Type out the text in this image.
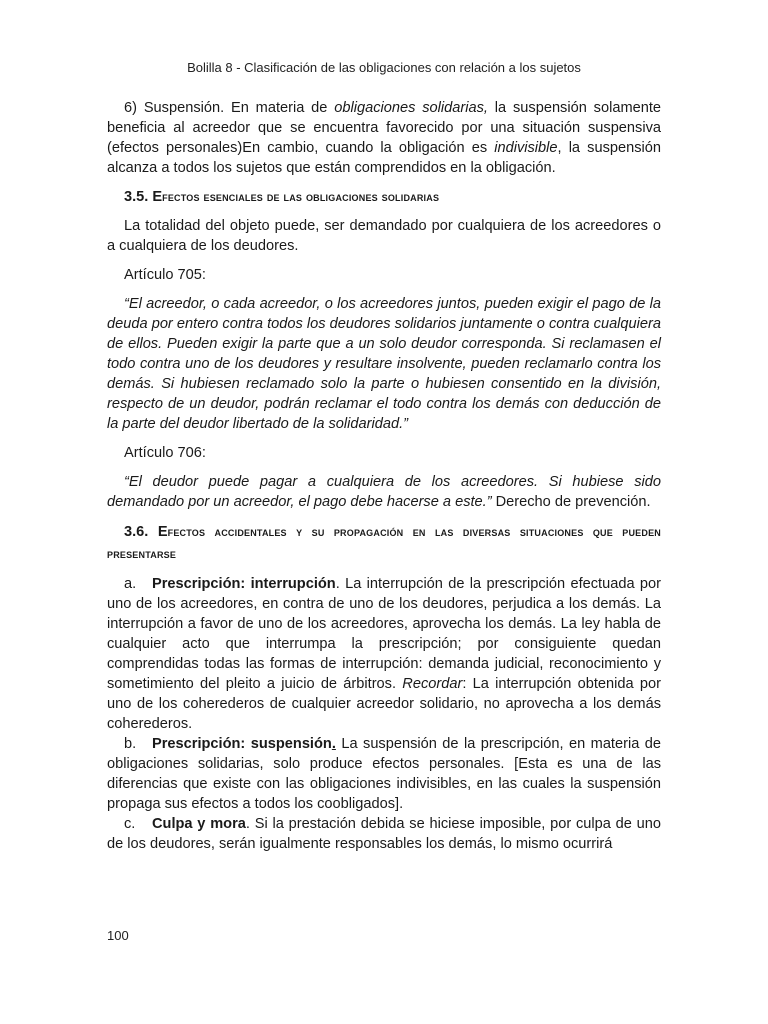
Bolilla 8 - Clasificación de las obligaciones con relación a los sujetos

6) Suspensión. En materia de obligaciones solidarias, la suspensión solamente beneficia al acreedor que se encuentra favorecido por una situación suspensiva (efectos personales)En cambio, cuando la obligación es indivisible, la suspensión alcanza a todos los sujetos que están comprendidos en la obligación.

3.5. Efectos esenciales de las obligaciones solidarias

La totalidad del objeto puede, ser demandado por cualquiera de los acreedores o a cualquiera de los deudores.

Artículo 705:

“El acreedor, o cada acreedor, o los acreedores juntos, pueden exigir el pago de la deuda por entero contra todos los deudores solidarios juntamente o contra cualquiera de ellos. Pueden exigir la parte que a un solo deudor corresponda. Si reclamasen el todo contra uno de los deudores y resultare insolvente, pueden reclamarlo contra los demás. Si hubiesen reclamado solo la parte o hubiesen consentido en la división, respecto de un deudor, podrán reclamar el todo contra los demás con deducción de la parte del deudor libertado de la solidaridad.”

Artículo 706:

“El deudor puede pagar a cualquiera de los acreedores. Si hubiese sido demandado por un acreedor, el pago debe hacerse a este.” Derecho de prevención.

3.6. Efectos accidentales y su propagación en las diversas situaciones que pueden presentarse

a. Prescripción: interrupción. La interrupción de la prescripción efectuada por uno de los acreedores, en contra de uno de los deudores, perjudica a los demás. La interrupción a favor de uno de los acreedores, aprovecha los demás. La ley habla de cualquier acto que interrumpa la prescripción; por consiguiente quedan comprendidas todas las formas de interrupción: demanda judicial, reconocimiento y sometimiento del pleito a juicio de árbitros. Recordar: La interrupción obtenida por uno de los coherederos de cualquier acreedor solidario, no aprovecha a los demás coherederos.

b. Prescripción: suspensión. La suspensión de la prescripción, en materia de obligaciones solidarias, solo produce efectos personales. [Esta es una de las diferencias que existe con las obligaciones indivisibles, en las cuales la suspensión propaga sus efectos a todos los coobligados].

c. Culpa y mora. Si la prestación debida se hiciese imposible, por culpa de uno de los deudores, serán igualmente responsables los demás, lo mismo ocurrirá

100
